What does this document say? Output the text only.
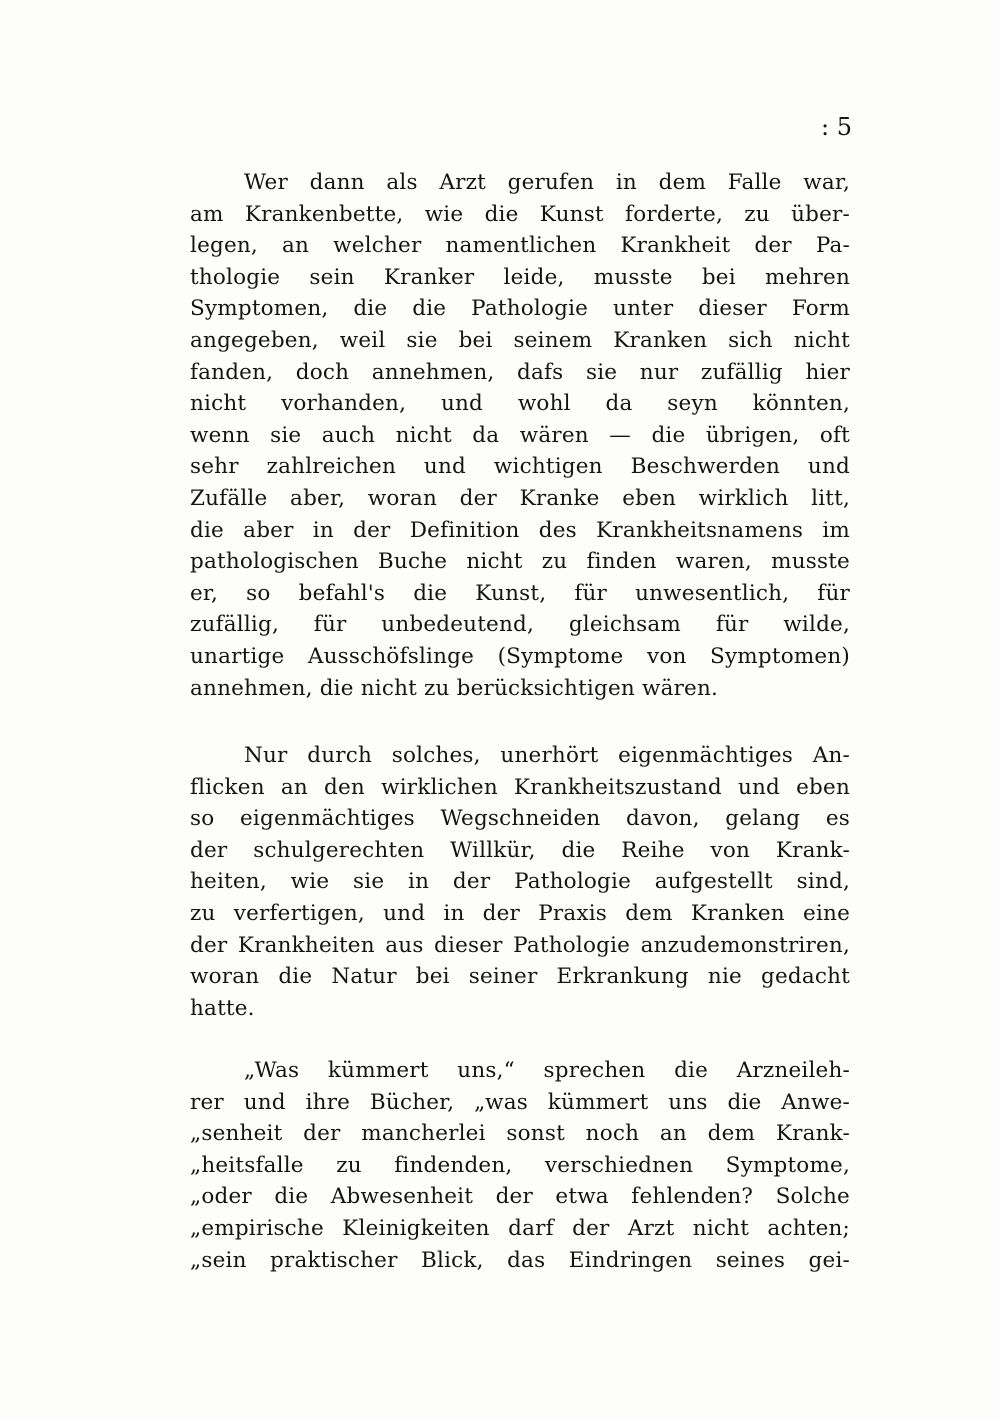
: 5
Wer dann als Arzt gerufen in dem Falle war,
am Krankenbette, wie die Kunst forderte, zu über-
legen, an welcher namentlichen Krankheit der Pa-
thologie sein Kranker leide, musste bei mehren
Symptomen, die die Pathologie unter dieser Form
angegeben, weil sie bei seinem Kranken sich nicht
fanden, doch annehmen, dafs sie nur zufällig hier
nicht vorhanden, und wohl da seyn könnten,
wenn sie auch nicht da wären — die übrigen, oft
sehr zahlreichen und wichtigen Beschwerden und
Zufälle aber, woran der Kranke eben wirklich litt,
die aber in der Definition des Krankheitsnamens im
pathologischen Buche nicht zu finden waren, musste
er, so befahl's die Kunst, für unwesentlich, für
zufällig, für unbedeutend, gleichsam für wilde,
unartige Ausschöfslinge (Symptome von Symptomen)
annehmen, die nicht zu berücksichtigen wären.
Nur durch solches, unerhört eigenmächtiges An-
flicken an den wirklichen Krankheitszustand und eben
so eigenmächtiges Wegschneiden davon, gelang es
der schulgerechten Willkür, die Reihe von Krank-
heiten, wie sie in der Pathologie aufgestellt sind,
zu verfertigen, und in der Praxis dem Kranken eine
der Krankheiten aus dieser Pathologie anzudemonstriren,
woran die Natur bei seiner Erkrankung nie gedacht
hatte.
„Was kümmert uns,“ sprechen die Arzneileh-
rer und ihre Bücher, „was kümmert uns die Anwe-
„senheit der mancherlei sonst noch an dem Krank-
„heitsfalle zu findenden, verschiednen Symptome,
„oder die Abwesenheit der etwa fehlenden? Solche
„empirische Kleinigkeiten darf der Arzt nicht achten;
„sein praktischer Blick, das Eindringen seines gei-
